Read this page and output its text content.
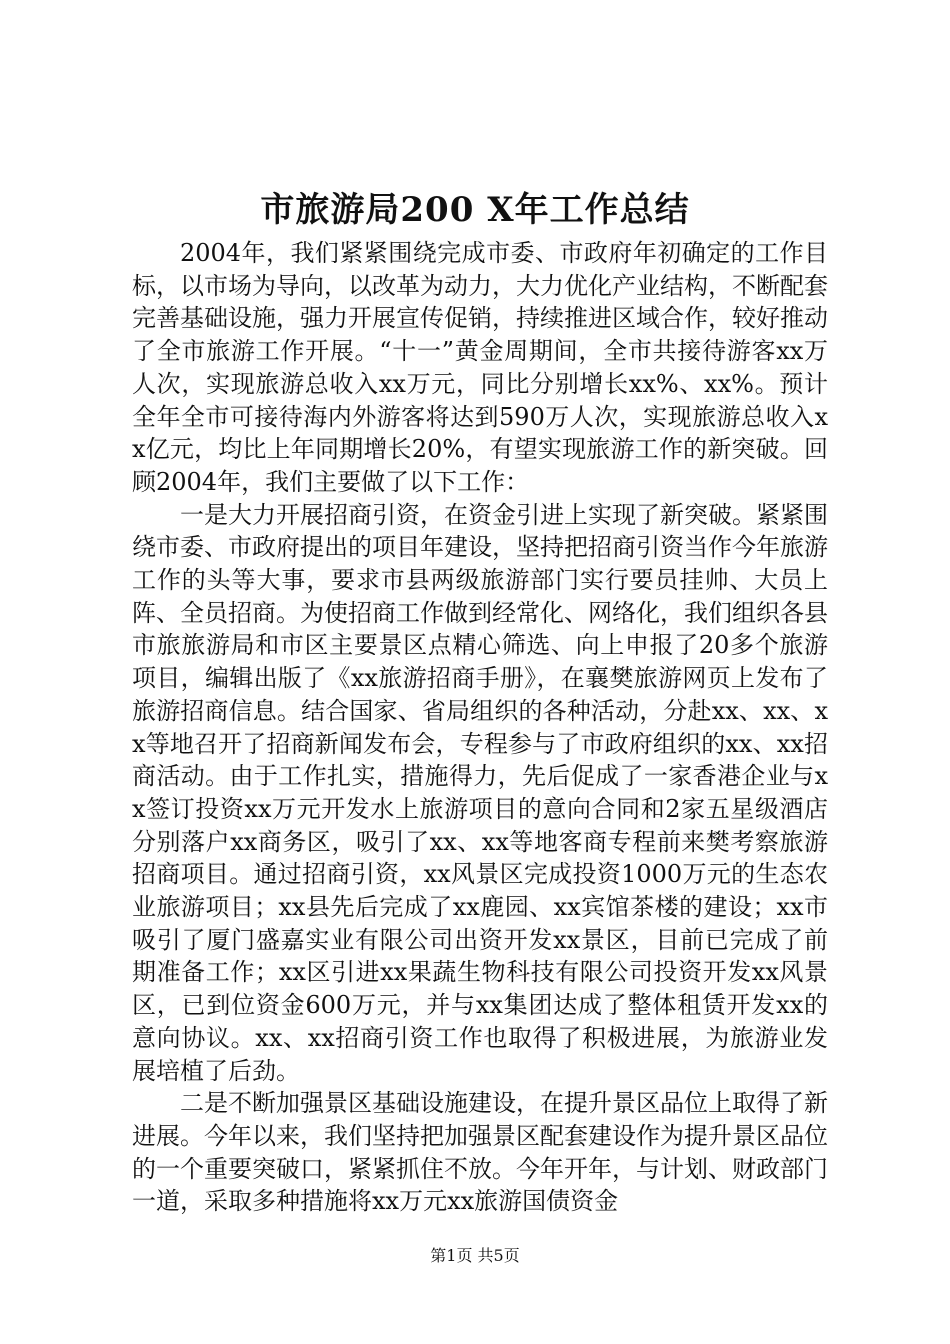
市旅游局200 X年工作总结

2004年，我们紧紧围绕完成市委、市政府年初确定的工作目标，以市场为导向，以改革为动力，大力优化产业结构，不断配套完善基础设施，强力开展宣传促销，持续推进区域合作，较好推动了全市旅游工作开展。“十一”黄金周期间，全市共接待游客xx万人次，实现旅游总收入xx万元，同比分别增长xx%、xx%。预计全年全市可接待海内外游客将达到590万人次，实现旅游总收入xx亿元，均比上年同期增长20%，有望实现旅游工作的新突破。回顾2004年，我们主要做了以下工作：

一是大力开展招商引资，在资金引进上实现了新突破。紧紧围绕市委、市政府提出的项目年建设，坚持把招商引资当作今年旅游工作的头等大事，要求市县两级旅游部门实行要员挂帅、大员上阵、全员招商。为使招商工作做到经常化、网络化，我们组织各县市旅旅游局和市区主要景区点精心筛选、向上申报了20多个旅游项目，编辑出版了《xx旅游招商手册》，在襄樊旅游网页上发布了旅游招商信息。结合国家、省局组织的各种活动，分赴xx、xx、xx等地召开了招商新闻发布会，专程参与了市政府组织的xx、xx招商活动。由于工作扎实，措施得力，先后促成了一家香港企业与xx签订投资xx万元开发水上旅游项目的意向合同和2家五星级酒店分别落户xx商务区，吸引了xx、xx等地客商专程前来樊考察旅游招商项目。通过招商引资，xx风景区完成投资1000万元的生态农业旅游项目；xx县先后完成了xx鹿园、xx宾馆茶楼的建设；xx市吸引了厦门盛嘉实业有限公司出资开发xx景区，目前已完成了前期准备工作；xx区引进xx果蔬生物科技有限公司投资开发xx风景区，已到位资金600万元，并与xx集团达成了整体租赁开发xx的意向协议。xx、xx招商引资工作也取得了积极进展，为旅游业发展培植了后劲。

二是不断加强景区基础设施建设，在提升景区品位上取得了新进展。今年以来，我们坚持把加强景区配套建设作为提升景区品位的一个重要突破口，紧紧抓住不放。今年开年，与计划、财政部门一道，采取多种措施将xx万元xx旅游国债资金

第1页 共5页
